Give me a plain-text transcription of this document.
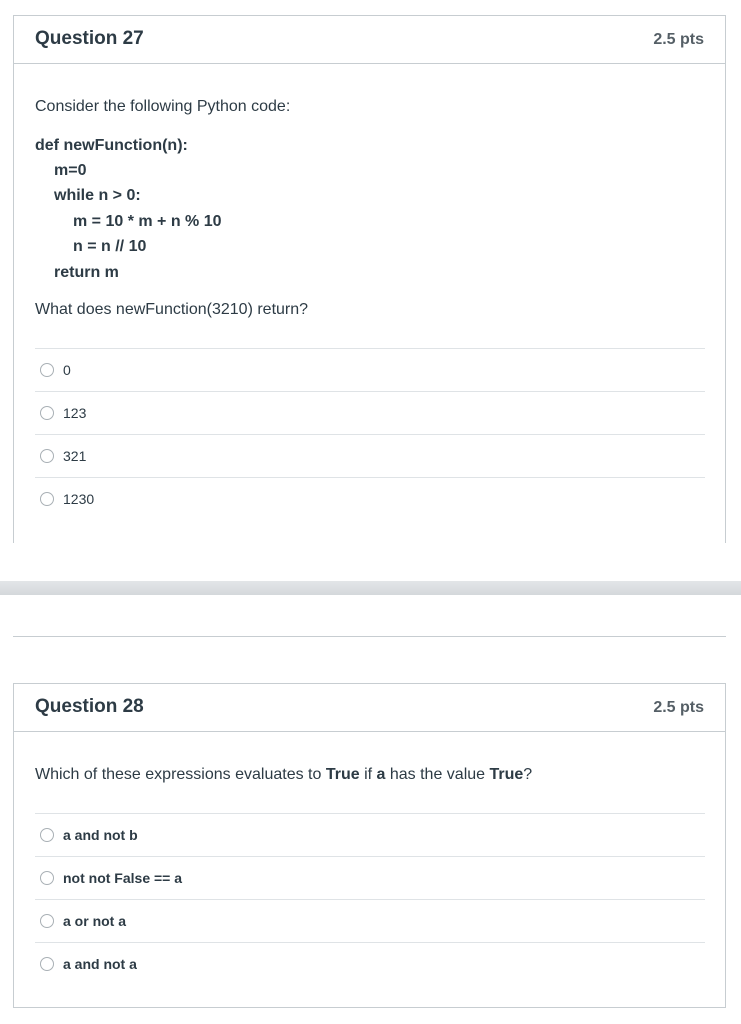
Question 27	2.5 pts
Consider the following Python code:
def newFunction(n):
m=0
while n > 0:
m = 10 * m + n % 10
n = n // 10
return m
What does newFunction(3210) return?
0
123
321
1230
Question 28	2.5 pts
Which of these expressions evaluates to True if a has the value True?
a and not b
not not False == a
a or not a
a and not a
